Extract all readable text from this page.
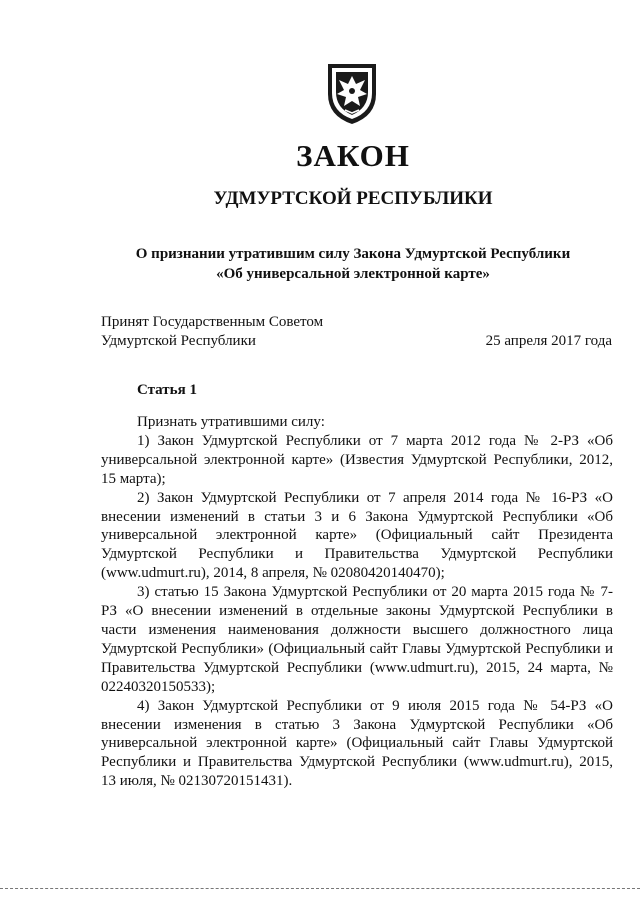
ЗАКОН
УДМУРТСКОЙ РЕСПУБЛИКИ
О признании утратившим силу Закона Удмуртской Республики
«Об универсальной электронной карте»
Принят Государственным Советом
Удмуртской Республики	25 апреля 2017 года
Статья 1

Признать утратившими силу:

1) Закон Удмуртской Республики от 7 марта 2012 года № 2-РЗ «Об универсальной электронной карте» (Известия Удмуртской Республики, 2012, 15 марта);

2) Закон Удмуртской Республики от 7 апреля 2014 года № 16-РЗ «О внесении изменений в статьи 3 и 6 Закона Удмуртской Республики «Об универсальной электронной карте» (Официальный сайт Президента Удмуртской Республики и Правительства Удмуртской Республики (www.udmurt.ru), 2014, 8 апреля, № 02080420140470);

3) статью 15 Закона Удмуртской Республики от 20 марта 2015 года № 7-РЗ «О внесении изменений в отдельные законы Удмуртской Республики в части изменения наименования должности высшего должностного лица Удмуртской Республики» (Официальный сайт Главы Удмуртской Республики и Правительства Удмуртской Республики (www.udmurt.ru), 2015, 24 марта, № 02240320150533);

4) Закон Удмуртской Республики от 9 июля 2015 года № 54-РЗ «О внесении изменения в статью 3 Закона Удмуртской Республики «Об универсальной электронной карте» (Официальный сайт Главы Удмуртской Республики и Правительства Удмуртской Республики (www.udmurt.ru), 2015, 13 июля, № 02130720151431).
